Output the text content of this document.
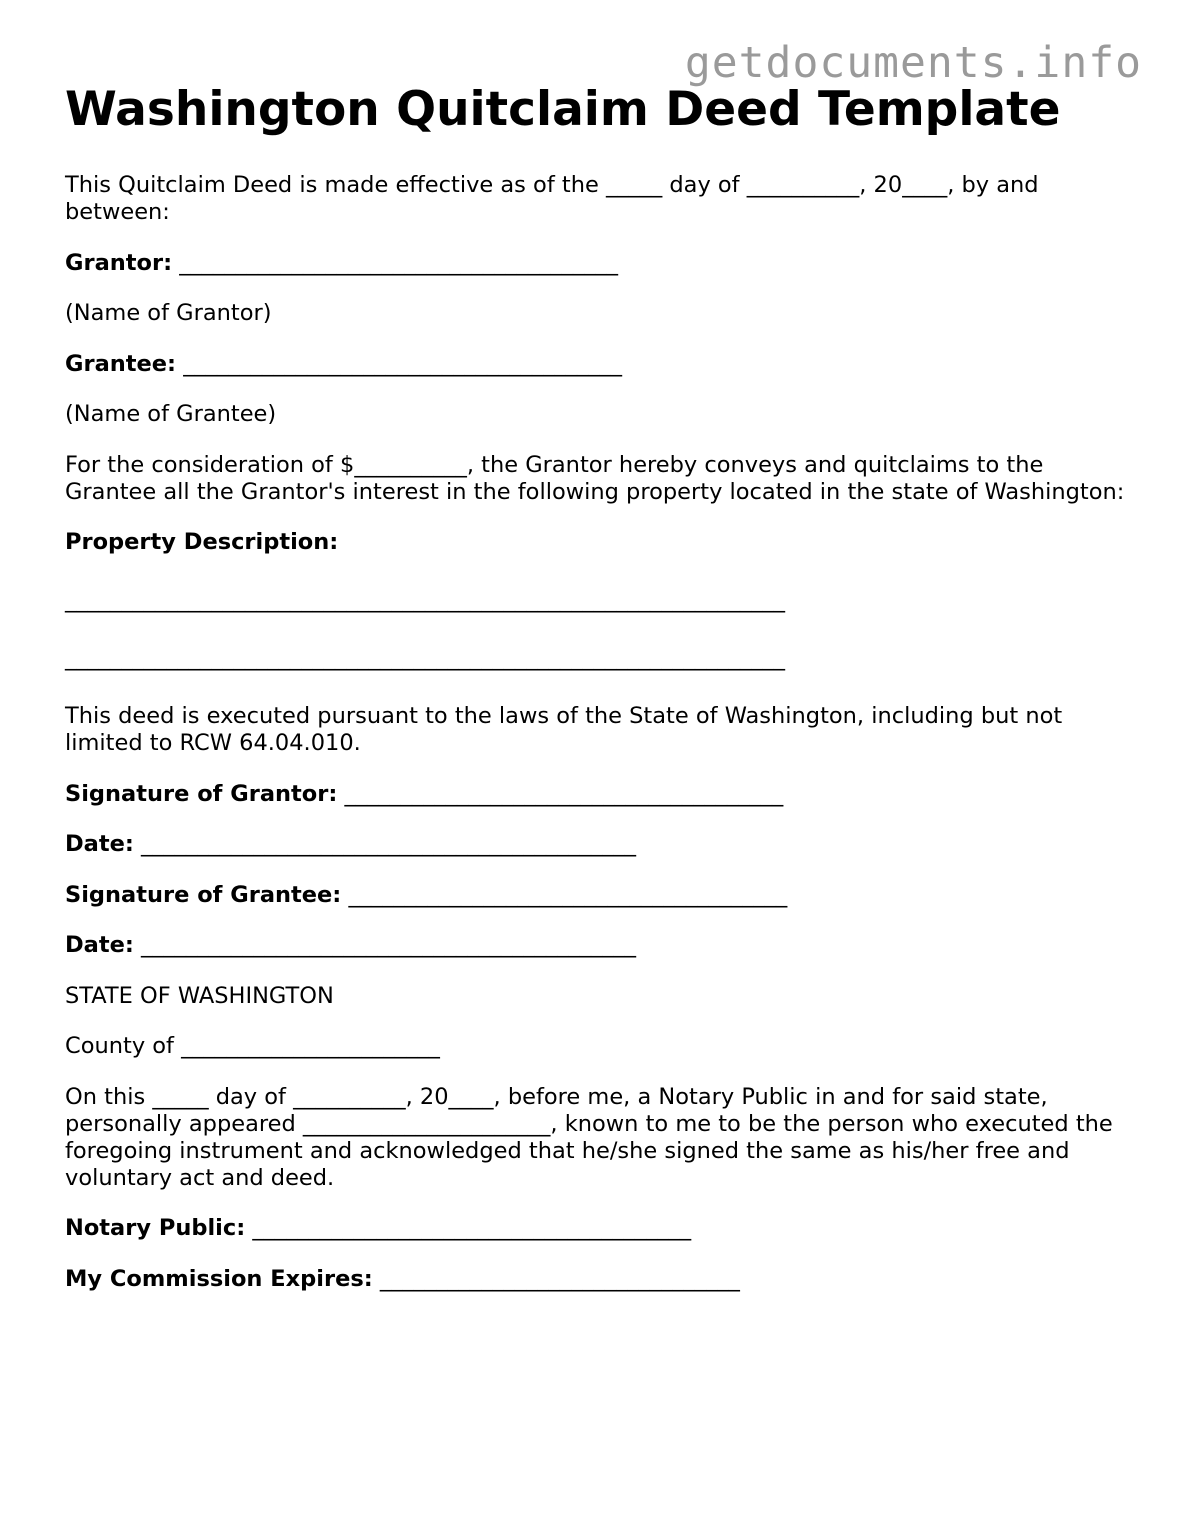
getdocuments.info
Washington Quitclaim Deed Template

This Quitclaim Deed is made effective as of the _____ day of __________, 20____, by and between:

Grantor: _______________________________________

(Name of Grantor)

Grantee: _______________________________________

(Name of Grantee)

For the consideration of $__________, the Grantor hereby conveys and quitclaims to the Grantee all the Grantor's interest in the following property located in the state of Washington:

Property Description:

________________________________________________________________

________________________________________________________________

This deed is executed pursuant to the laws of the State of Washington, including but not limited to RCW 64.04.010.

Signature of Grantor: _______________________________________

Date: ____________________________________________

Signature of Grantee: _______________________________________

Date: ____________________________________________

STATE OF WASHINGTON

County of _______________________

On this _____ day of __________, 20____, before me, a Notary Public in and for said state, personally appeared ______________________, known to me to be the person who executed the foregoing instrument and acknowledged that he/she signed the same as his/her free and voluntary act and deed.

Notary Public: _______________________________________

My Commission Expires: ________________________________
